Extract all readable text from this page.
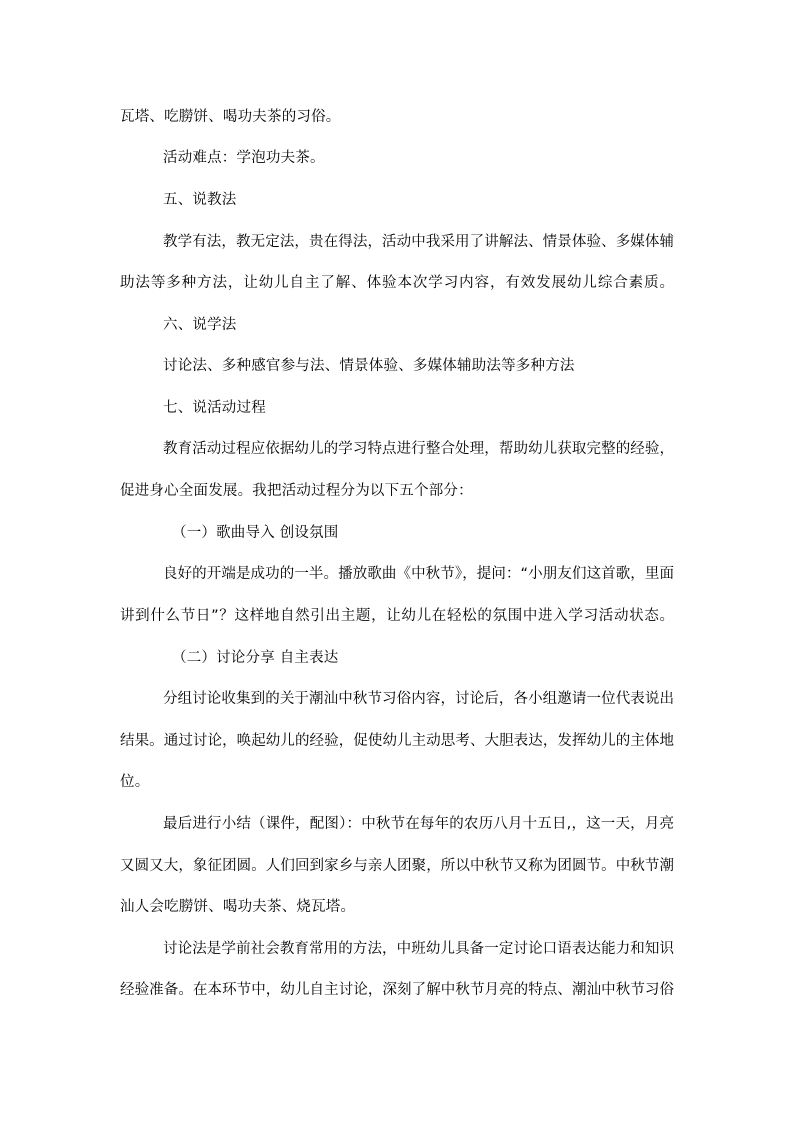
瓦塔、吃朥饼、喝功夫茶的习俗。
活动难点：学泡功夫茶。
五、说教法
教学有法，教无定法，贵在得法，活动中我采用了讲解法、情景体验、多媒体辅
助法等多种方法，让幼儿自主了解、体验本次学习内容，有效发展幼儿综合素质。
六、说学法
讨论法、多种感官参与法、情景体验、多媒体辅助法等多种方法
七、说活动过程
教育活动过程应依据幼儿的学习特点进行整合处理，帮助幼儿获取完整的经验，
促进身心全面发展。我把活动过程分为以下五个部分：
（一）歌曲导入 创设氛围
良好的开端是成功的一半。播放歌曲《中秋节》，提问：“小朋友们这首歌，里面
讲到什么节日”？这样地自然引出主题，让幼儿在轻松的氛围中进入学习活动状态。
（二）讨论分享 自主表达
分组讨论收集到的关于潮汕中秋节习俗内容，讨论后，各小组邀请一位代表说出
结果。通过讨论，唤起幼儿的经验，促使幼儿主动思考、大胆表达，发挥幼儿的主体地
位。
最后进行小结（课件，配图）：中秋节在每年的农历八月十五日,，这一天，月亮
又圆又大，象征团圆。人们回到家乡与亲人团聚，所以中秋节又称为团圆节。中秋节潮
汕人会吃朥饼、喝功夫茶、烧瓦塔。
讨论法是学前社会教育常用的方法，中班幼儿具备一定讨论口语表达能力和知识
经验准备。在本环节中，幼儿自主讨论，深刻了解中秋节月亮的特点、潮汕中秋节习俗
